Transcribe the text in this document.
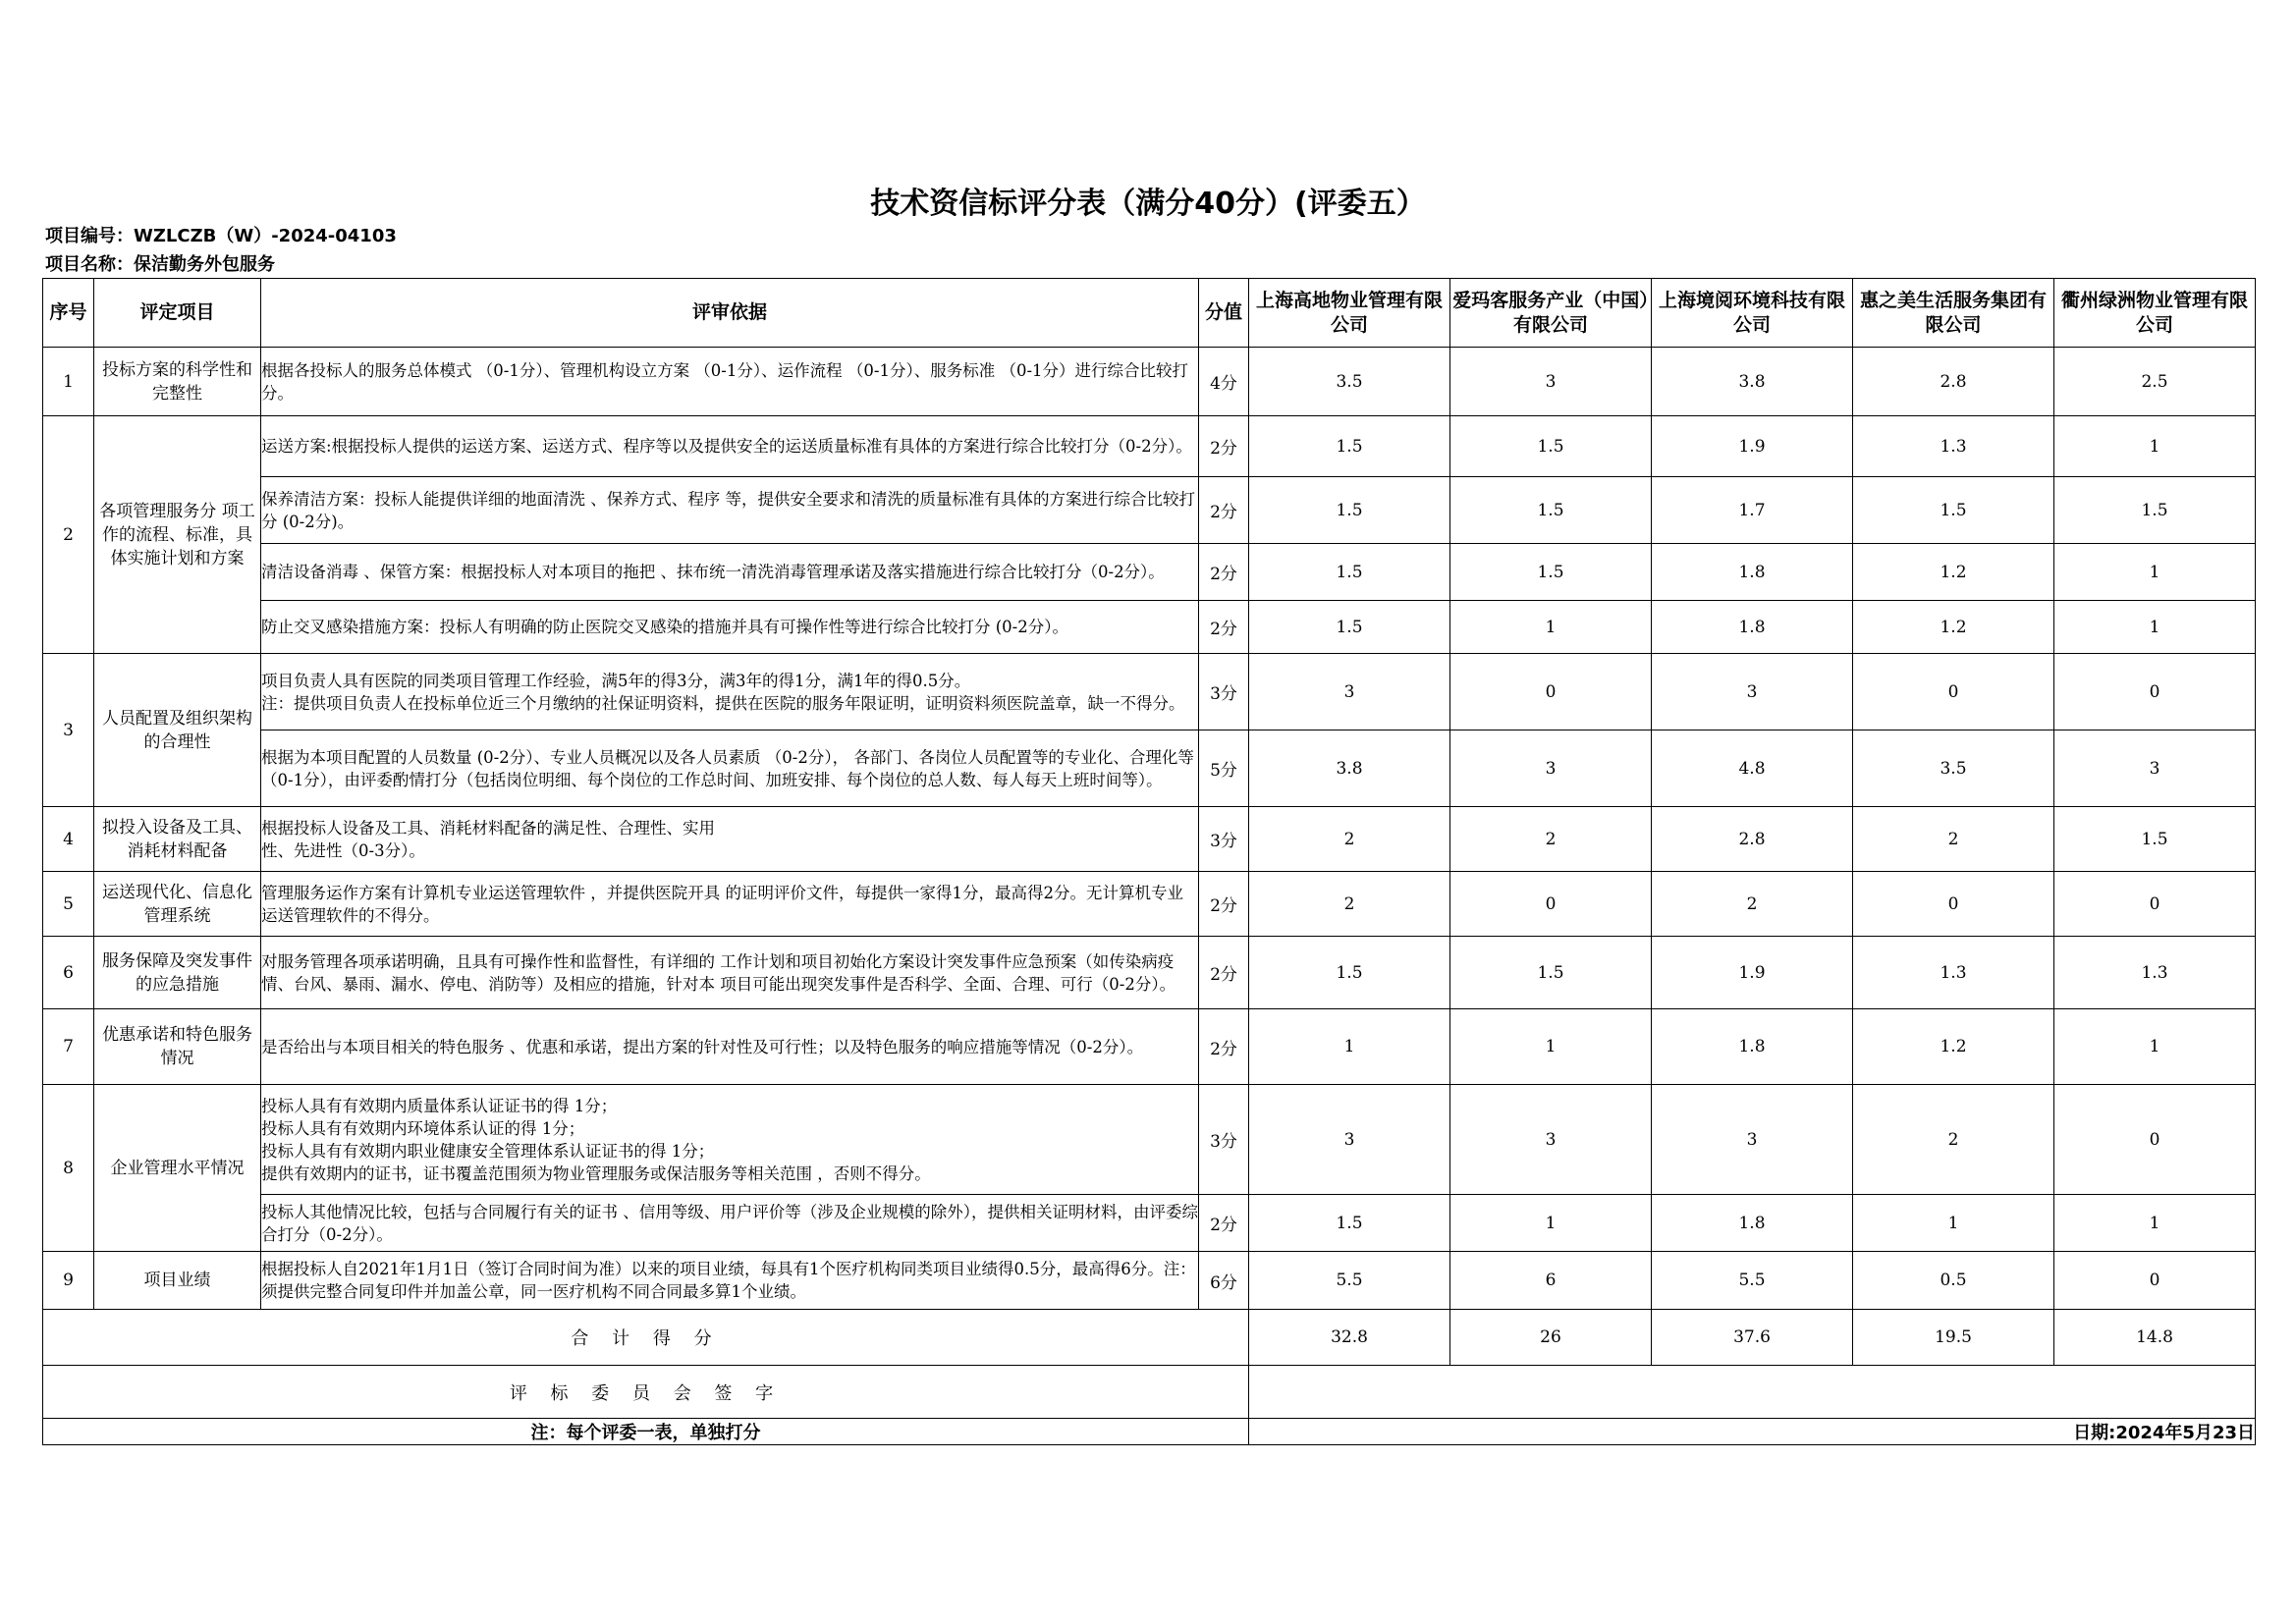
技术资信标评分表（满分40分）(评委五）
项目编号：WZLCZB（W）-2024-04103
项目名称：保洁勤务外包服务
序号	评定项目	评审依据	分值	上海高地物业管理有限公司	爱玛客服务产业（中国）有限公司	上海境阅环境科技有限公司	惠之美生活服务集团有限公司	衢州绿洲物业管理有限公司
1	投标方案的科学性和完整性	根据各投标人的服务总体模式 （0-1分）、管理机构设立方案 （0-1分）、运作流程 （0-1分）、服务标准 （0-1分）进行综合比较打分。	4分	3.5	3	3.8	2.8	2.5
2	各项管理服务分 项工作的流程、标准，具体实施计划和方案	运送方案:根据投标人提供的运送方案、运送方式、程序等以及提供安全的运送质量标准有具体的方案进行综合比较打分（0-2分）。	2分	1.5	1.5	1.9	1.3	1
		保养清洁方案：投标人能提供详细的地面清洗 、保养方式、程序 等，提供安全要求和清洗的质量标准有具体的方案进行综合比较打分 (0-2分)。	2分	1.5	1.5	1.7	1.5	1.5
		清洁设备消毒 、保管方案：根据投标人对本项目的拖把 、抹布统一清洗消毒管理承诺及落实措施进行综合比较打分（0-2分）。	2分	1.5	1.5	1.8	1.2	1
		防止交叉感染措施方案：投标人有明确的防止医院交叉感染的措施并具有可操作性等进行综合比较打分 (0-2分）。	2分	1.5	1	1.8	1.2	1
3	人员配置及组织架构的合理性	项目负责人具有医院的同类项目管理工作经验，满5年的得3分，满3年的得1分，满1年的得0.5分。
注：提供项目负责人在投标单位近三个月缴纳的社保证明资料，提供在医院的服务年限证明，证明资料须医院盖章，缺一不得分。	3分	3	0	3	0	0
		根据为本项目配置的人员数量 (0-2分）、专业人员概况以及各人员素质 （0-2分）， 各部门、各岗位人员配置等的专业化、合理化等（0-1分），由评委酌情打分（包括岗位明细、每个岗位的工作总时间、加班安排、每个岗位的总人数、每人每天上班时间等）。	5分	3.8	3	4.8	3.5	3
4	拟投入设备及工具、消耗材料配备	根据投标人设备及工具、消耗材料配备的满足性、合理性、实用
性、先进性（0-3分）。	3分	2	2	2.8	2	1.5
5	运送现代化、信息化管理系统	管理服务运作方案有计算机专业运送管理软件 ，并提供医院开具 的证明评价文件，每提供一家得1分，最高得2分。无计算机专业运送管理软件的不得分。	2分	2	0	2	0	0
6	服务保障及突发事件的应急措施	对服务管理各项承诺明确，且具有可操作性和监督性，有详细的 工作计划和项目初始化方案设计突发事件应急预案（如传染病疫 情、台风、暴雨、漏水、停电、消防等）及相应的措施，针对本 项目可能出现突发事件是否科学、全面、合理、可行（0-2分）。	2分	1.5	1.5	1.9	1.3	1.3
7	优惠承诺和特色服务情况	是否给出与本项目相关的特色服务 、优惠和承诺，提出方案的针对性及可行性；以及特色服务的响应措施等情况（0-2分）。	2分	1	1	1.8	1.2	1
8	企业管理水平情况	投标人具有有效期内质量体系认证证书的得 1分；
投标人具有有效期内环境体系认证的得 1分；
投标人具有有效期内职业健康安全管理体系认证证书的得 1分；
提供有效期内的证书，证书覆盖范围须为物业管理服务或保洁服务等相关范围 ，否则不得分。	3分	3	3	3	2	0
		投标人其他情况比较，包括与合同履行有关的证书 、信用等级、用户评价等（涉及企业规模的除外），提供相关证明材料，由评委综合打分（0-2分）。	2分	1.5	1	1.8	1	1
9	项目业绩	根据投标人自2021年1月1日（签订合同时间为准）以来的项目业绩，每具有1个医疗机构同类项目业绩得0.5分，最高得6分。注：须提供完整合同复印件并加盖公章，同一医疗机构不同合同最多算1个业绩。	6分	5.5	6	5.5	0.5	0
合 计 得 分				32.8	26	37.6	19.5	14.8
评 标 委 员 会 签 字								
注：每个评委一表，单独打分				日期:2024年5月23日				
